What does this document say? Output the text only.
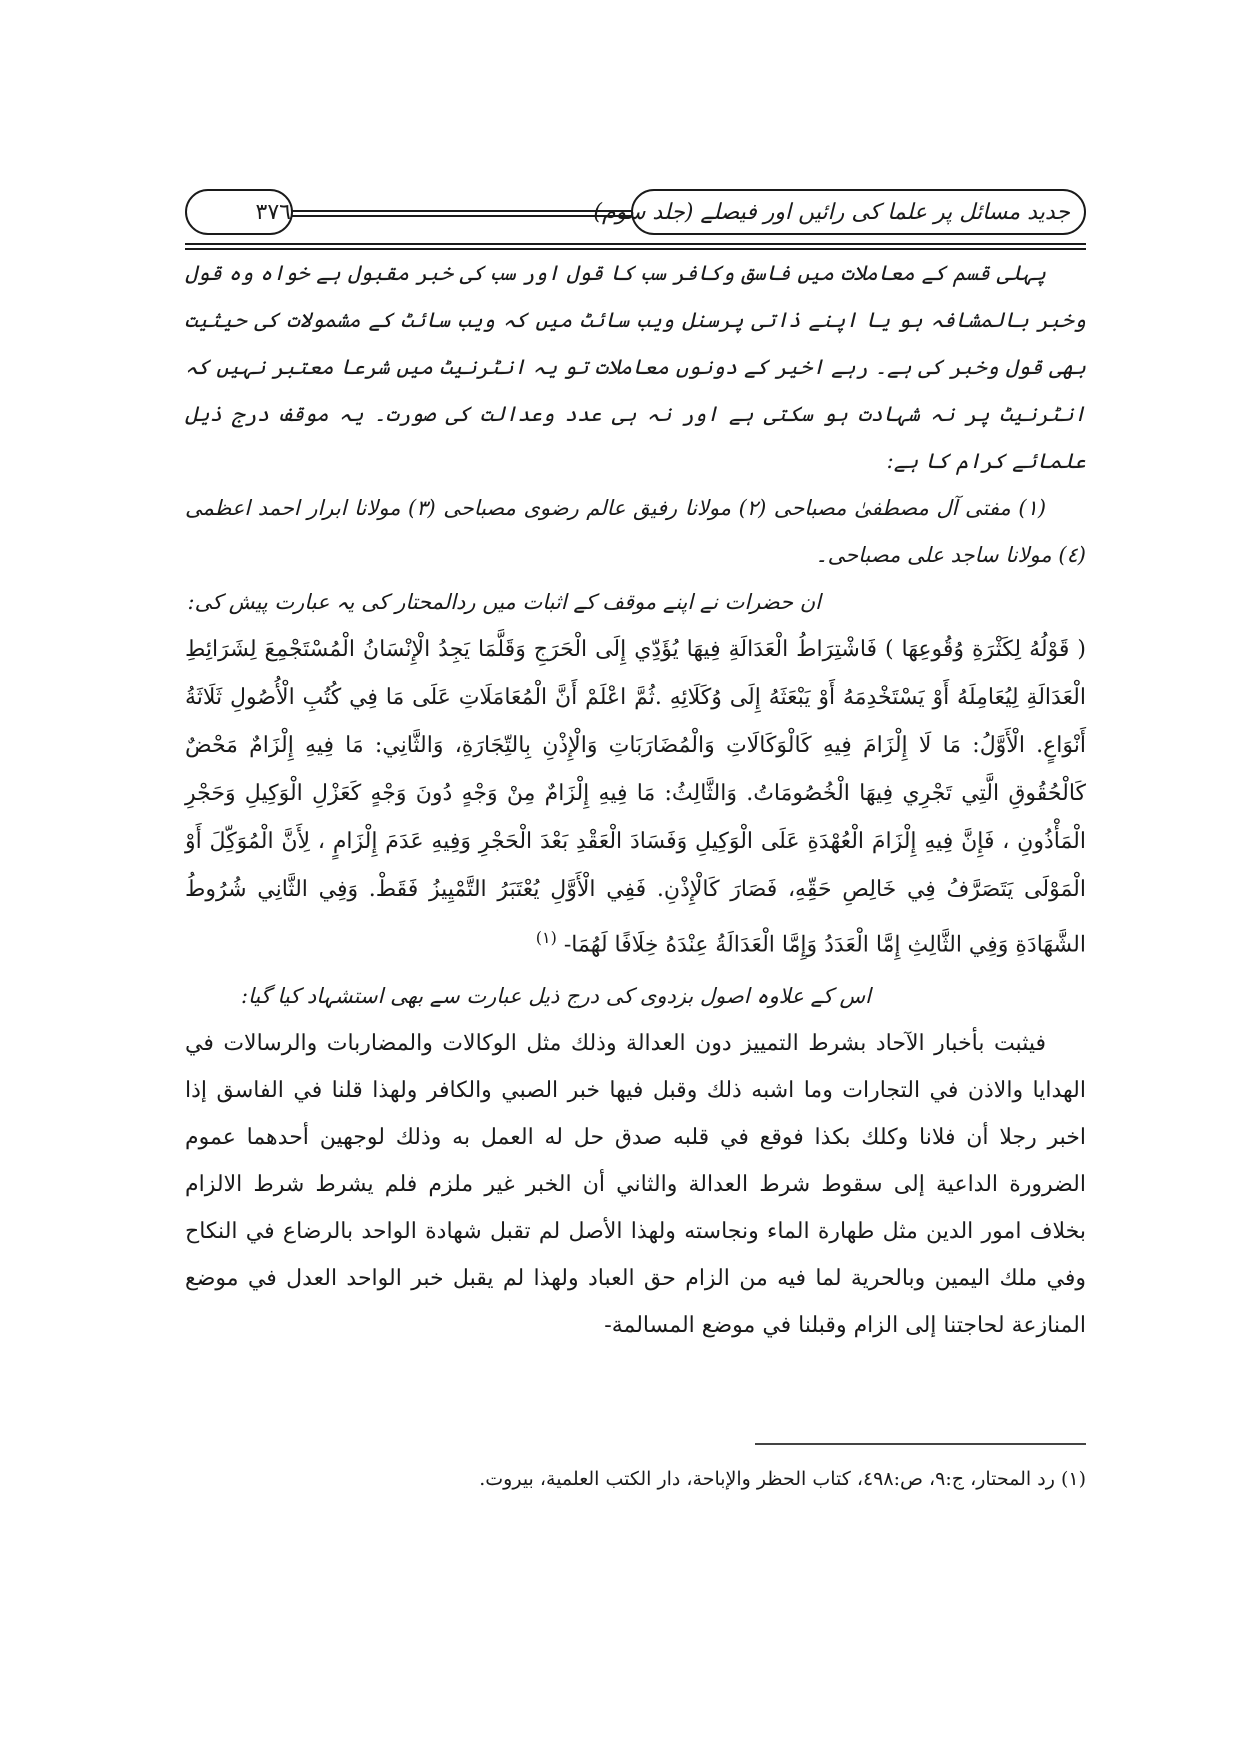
٣٧٦	جدید مسائل پر علما کی رائیں اور فیصلے (جلد سوم)

پہلی قسم کے معاملات میں فاسق وکافر سب کا قول اور سب کی خبر مقبول ہے خواہ وہ قول وخبر بالمشافہ ہو یا اپنے ذاتی پرسنل ویب سائٹ میں کہ ویب سائٹ کے مشمولات کی حیثیت بھی قول وخبر کی ہے۔ رہے اخیر کے دونوں معاملات تو یہ انٹرنیٹ میں شرعا معتبر نہیں کہ انٹرنیٹ پر نہ شہادت ہو سکتی ہے اور نہ ہی عدد وعدالت کی صورت۔ یہ موقف درج ذیل علمائے کرام کا ہے:

(١) مفتی آل مصطفیٰ مصباحی (٢) مولانا رفیق عالم رضوی مصباحی (٣) مولانا ابرار احمد اعظمی (٤) مولانا ساجد علی مصباحی۔

ان حضرات نے اپنے موقف کے اثبات میں ردالمحتار کی یہ عبارت پیش کی:

( قَوْلُهُ لِكَثْرَةِ وُقُوعِهَا ) فَاشْتِرَاطُ الْعَدَالَةِ فِيهَا يُؤَدِّي إِلَى الْحَرَجِ وَقَلَّمَا يَجِدُ الْإِنْسَانُ الْمُسْتَجْمِعَ لِشَرَائِطِ الْعَدَالَةِ لِيُعَامِلَهُ أَوْ يَسْتَخْدِمَهُ أَوْ يَبْعَثَهُ إِلَى وُكَلَائِهِ .ثُمَّ اعْلَمْ أَنَّ الْمُعَامَلَاتِ عَلَى مَا فِي كُتُبِ الْأُصُولِ ثَلَاثَةُ أَنْوَاعٍ. الْأَوَّلُ: مَا لَا إِلْزَامَ فِيهِ كَالْوَكَالَاتِ وَالْمُضَارَبَاتِ وَالْإِذْنِ بِالتِّجَارَةِ، وَالثَّانِي: مَا فِيهِ إِلْزَامٌ مَحْضٌ كَالْحُقُوقِ الَّتِي تَجْرِي فِيهَا الْخُصُومَاتُ. وَالثَّالِثُ: مَا فِيهِ إِلْزَامٌ مِنْ وَجْهٍ دُونَ وَجْهٍ كَعَزْلِ الْوَكِيلِ وَحَجْرِ الْمَأْذُونِ ، فَإِنَّ فِيهِ إِلْزَامَ الْعُهْدَةِ عَلَى الْوَكِيلِ وَفَسَادَ الْعَقْدِ بَعْدَ الْحَجْرِ وَفِيهِ عَدَمَ إِلْزَامٍ ، لِأَنَّ الْمُوَكِّلَ أَوْ الْمَوْلَى يَتَصَرَّفُ فِي خَالِصِ حَقِّهِ، فَصَارَ كَالْإِذْنِ. فَفِي الْأَوَّلِ يُعْتَبَرُ التَّمْيِيزُ فَقَطْ. وَفِي الثَّانِي شُرُوطُ الشَّهَادَةِ وَفِي الثَّالِثِ إِمَّا الْعَدَدُ وَإِمَّا الْعَدَالَةُ عِنْدَهُ خِلَافًا لَهُمَا- $^{(١)}$

اس کے علاوہ اصول بزدوی کی درج ذیل عبارت سے بھی استشہاد کیا گیا:

فيثبت بأخبار الآحاد بشرط التمييز دون العدالة وذلك مثل الوكالات والمضاربات والرسالات في الهدايا والاذن في التجارات وما اشبه ذلك وقبل فيها خبر الصبي والكافر ولهذا قلنا في الفاسق إذا اخبر رجلا أن فلانا وكلك بكذا فوقع في قلبه صدق حل له العمل به وذلك لوجهين أحدهما عموم الضرورة الداعية إلى سقوط شرط العدالة والثاني أن الخبر غير ملزم فلم يشرط شرط الالزام بخلاف امور الدين مثل طهارة الماء ونجاسته ولهذا الأصل لم تقبل شهادة الواحد بالرضاع في النكاح وفي ملك اليمين وبالحرية لما فيه من الزام حق العباد ولهذا لم يقبل خبر الواحد العدل في موضع المنازعة لحاجتنا إلى الزام وقبلنا في موضع المسالمة-

(١) رد المحتار، ج:٩، ص:٤٩٨، كتاب الحظر والإباحة، دار الكتب العلمية، بيروت.
